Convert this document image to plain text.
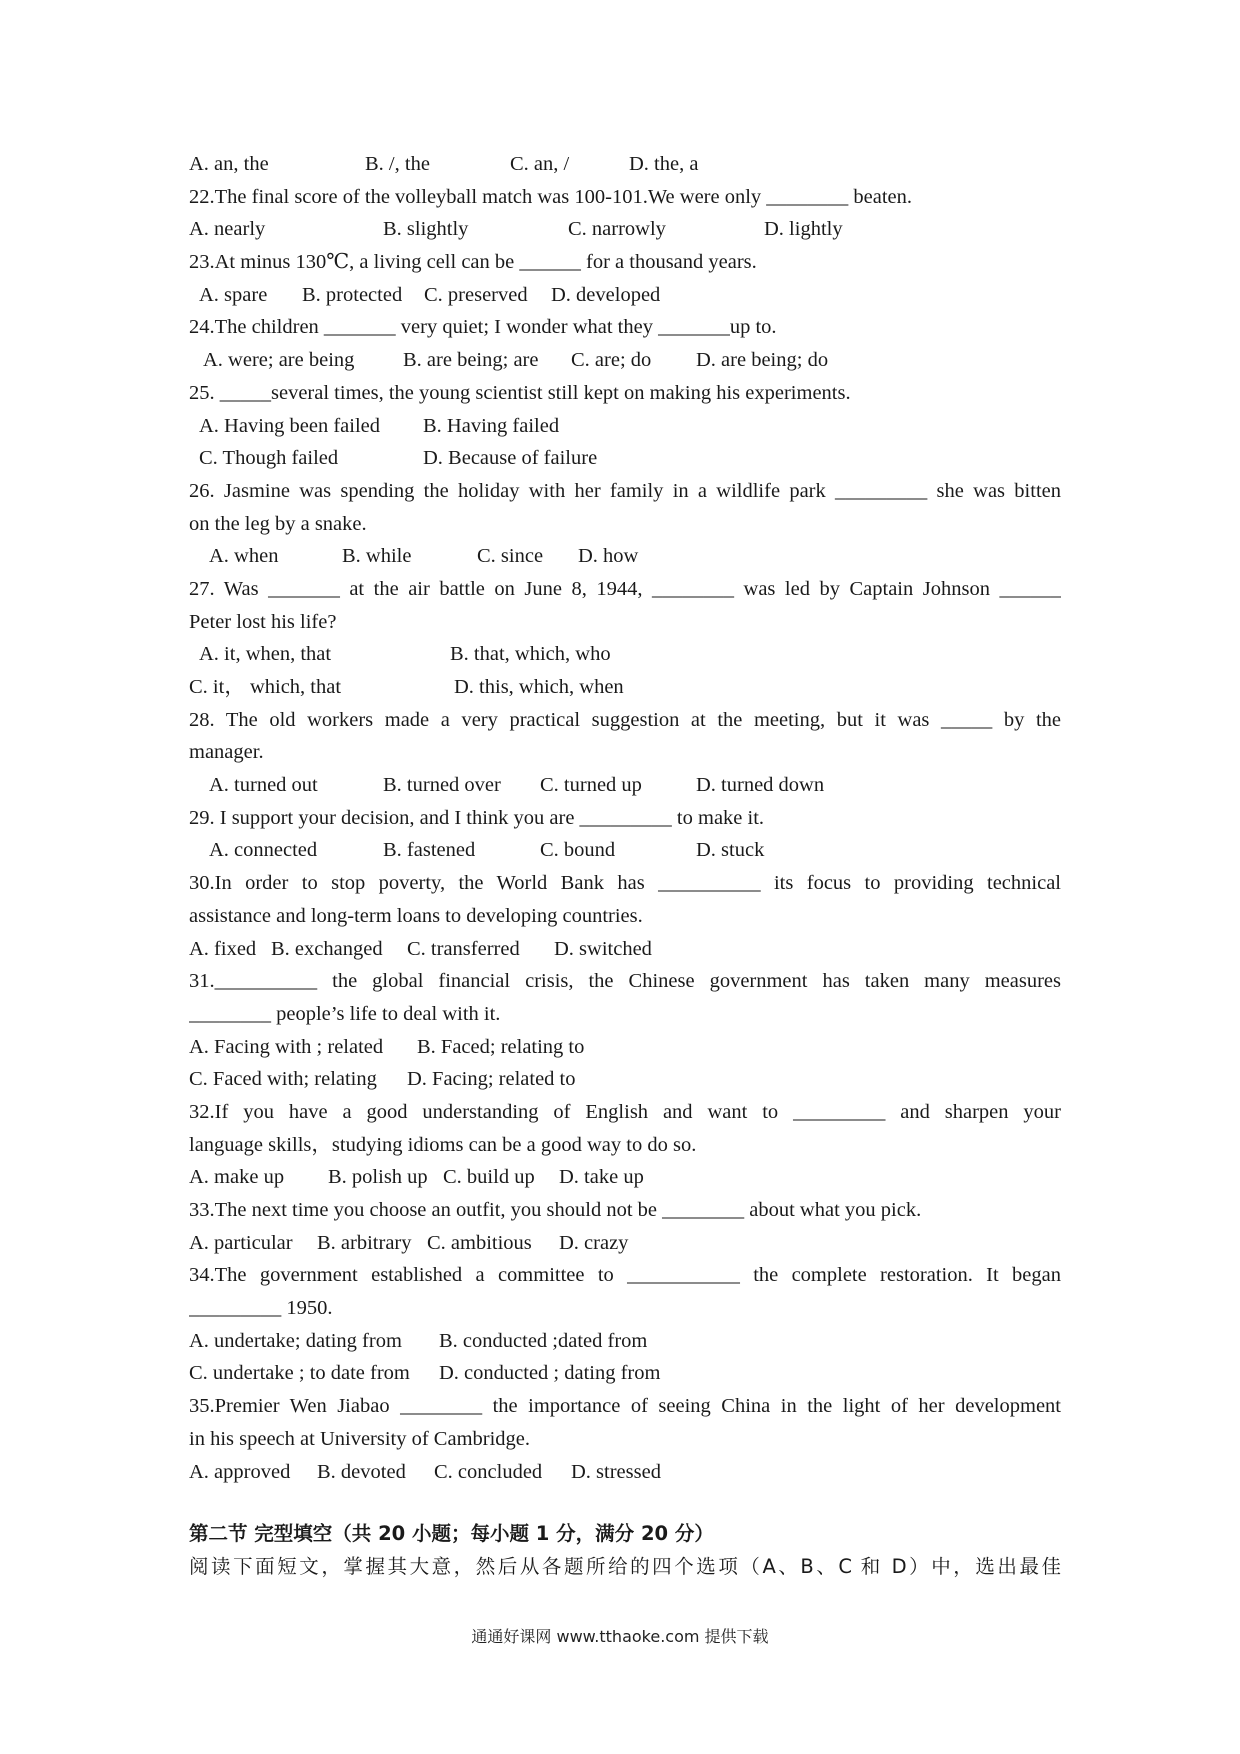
A. an, the	B. /, the	C. an, /	D. the, a
22.The final score of the volleyball match was 100-101.We were only ________ beaten.
A. nearly	B. slightly	C. narrowly	D. lightly
23.At minus 130℃, a living cell can be ______ for a thousand years.
A. spare B. protected C. preserved D. developed
24.The children _______ very quiet; I wonder what they _______up to.
A. were; are being B. are being; are C. are; do D. are being; do
25. _____several times, the young scientist still kept on making his experiments.
A. Having been failed B. Having failed
C. Though failed	D. Because of failure
26. Jasmine was spending the holiday with her family in a wildlife park _________ she was bitten
on the leg by a snake.
A. when	B. while	C. since D. how
27. Was _______ at the air battle on June 8, 1944, ________ was led by Captain Johnson ______
Peter lost his life?
A. it, when, that	B. that, which, who
C. it， which, that	D. this, which, when
28. The old workers made a very practical suggestion at the meeting, but it was _____ by the
manager.
A. turned out	B. turned over C. turned up	D. turned down
29. I support your decision, and I think you are _________ to make it.
A. connected	B. fastened	C. bound	D. stuck
30.In order to stop poverty, the World Bank has __________ its focus to providing technical
assistance and long-term loans to developing countries.
A. fixed B. exchanged C. transferred D. switched
31.__________ the global financial crisis, the Chinese government has taken many measures
________ people’s life to deal with it.
A. Facing with ; related B. Faced; relating to
C. Faced with; relating D. Facing; related to
32.If you have a good understanding of English and want to _________ and sharpen your
language skills，studying idioms can be a good way to do so.
A. make up B. polish up C. build up D. take up
33.The next time you choose an outfit, you should not be ________ about what you pick.
A. particular B. arbitrary C. ambitious D. crazy
34.The government established a committee to ___________ the complete restoration. It began
_________ 1950.
A. undertake; dating from B. conducted ;dated from
C. undertake ; to date from D. conducted ; dating from
35.Premier Wen Jiabao ________ the importance of seeing China in the light of her development
in his speech at University of Cambridge.
A. approved B. devoted C. concluded D. stressed
第二节 完型填空（共 20 小题；每小题 1 分，满分 20 分）
阅读下面短文，掌握其大意，然后从各题所给的四个选项（A、B、C 和 D）中，选出最佳
通通好课网 www.tthaoke.com 提供下载
